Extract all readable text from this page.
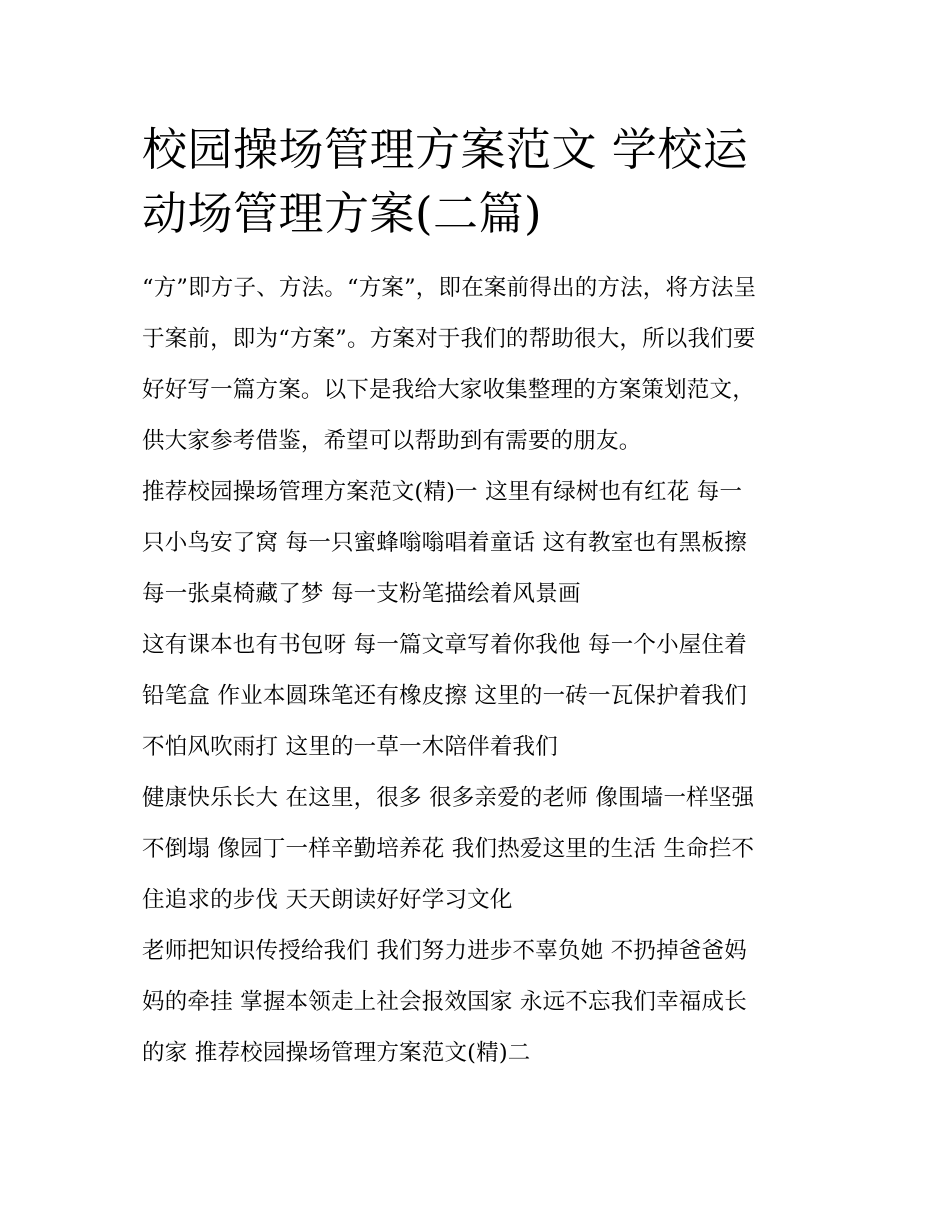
校园操场管理方案范文 学校运
动场管理方案(二篇)
“方”即方子、方法。“方案”，即在案前得出的方法，将方法呈
于案前，即为“方案”。方案对于我们的帮助很大，所以我们要
好好写一篇方案。以下是我给大家收集整理的方案策划范文，
供大家参考借鉴，希望可以帮助到有需要的朋友。
推荐校园操场管理方案范文(精)一 这里有绿树也有红花 每一
只小鸟安了窝 每一只蜜蜂嗡嗡唱着童话 这有教室也有黑板擦
每一张桌椅藏了梦 每一支粉笔描绘着风景画
这有课本也有书包呀 每一篇文章写着你我他 每一个小屋住着
铅笔盒 作业本圆珠笔还有橡皮擦 这里的一砖一瓦保护着我们
不怕风吹雨打 这里的一草一木陪伴着我们
健康快乐长大 在这里，很多 很多亲爱的老师 像围墙一样坚强
不倒塌 像园丁一样辛勤培养花 我们热爱这里的生活 生命拦不
住追求的步伐 天天朗读好好学习文化
老师把知识传授给我们 我们努力进步不辜负她 不扔掉爸爸妈
妈的牵挂 掌握本领走上社会报效国家 永远不忘我们幸福成长
的家 推荐校园操场管理方案范文(精)二
